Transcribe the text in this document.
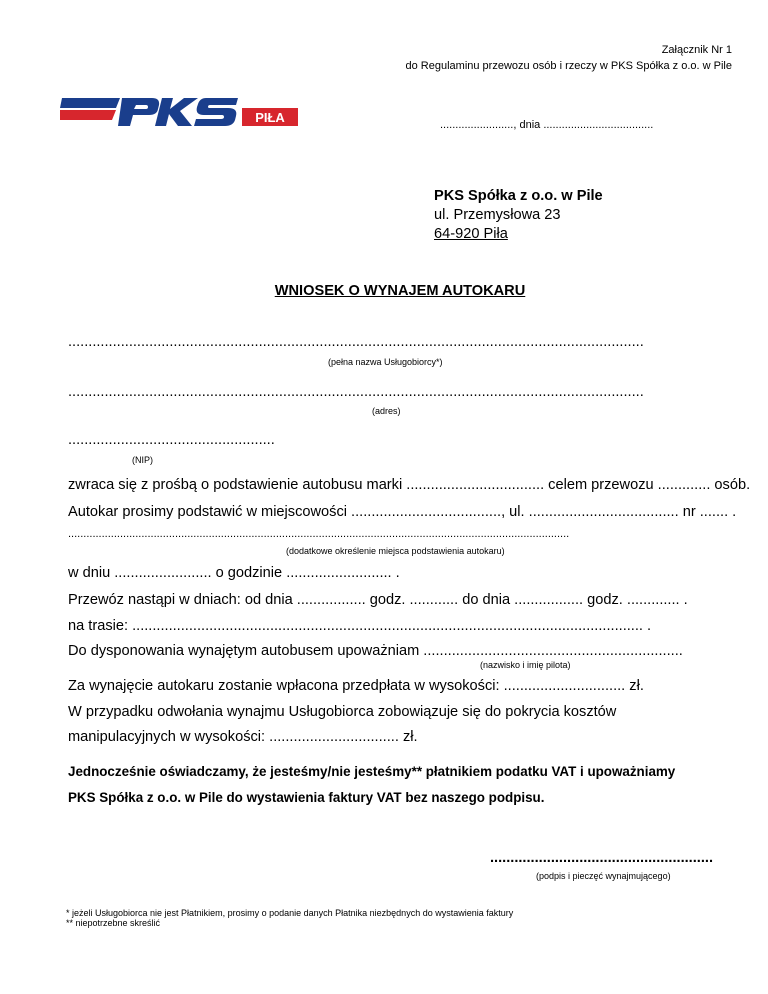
Załącznik Nr 1
do Regulaminu przewozu osób i rzeczy w PKS Spółka z o.o. w Pile
PIŁA	........................, dnia ....................................
PKS Spółka z o.o. w Pile
ul. Przemysłowa 23
64-920 Piła
WNIOSEK O WYNAJEM AUTOKARU
..............................................................................................................................................
(pełna nazwa Usługobiorcy*)
..............................................................................................................................................
(adres)
...................................................
(NIP)
zwraca się z prośbą o podstawienie autobusu marki .................................. celem przewozu ............. osób.
Autokar prosimy podstawić w miejscowości ....................................., ul. ..................................... nr ....... .
....................................................................................................................................................................
(dodatkowe określenie miejsca podstawienia autokaru)
w dniu ........................ o godzinie .......................... .
Przewóz nastąpi w dniach: od dnia ................. godz. ............ do dnia ................. godz. ............. .
na trasie: .............................................................................................................................. .
Do dysponowania wynajętym autobusem upoważniam ................................................................
(nazwisko i imię pilota)
Za wynajęcie autokaru zostanie wpłacona przedpłata w wysokości: .............................. zł.
W przypadku odwołania wynajmu Usługobiorca zobowiązuje się do pokrycia kosztów
manipulacyjnych w wysokości: ................................ zł.
Jednocześnie oświadczamy, że jesteśmy/nie jesteśmy** płatnikiem podatku VAT i upoważniamy
PKS Spółka z o.o. w Pile do wystawienia faktury VAT bez naszego podpisu.
.......................................................
(podpis i pieczęć wynajmującego)
* jeżeli Usługobiorca nie jest Płatnikiem, prosimy o podanie danych Płatnika niezbędnych do wystawienia faktury
** niepotrzebne skreślić
